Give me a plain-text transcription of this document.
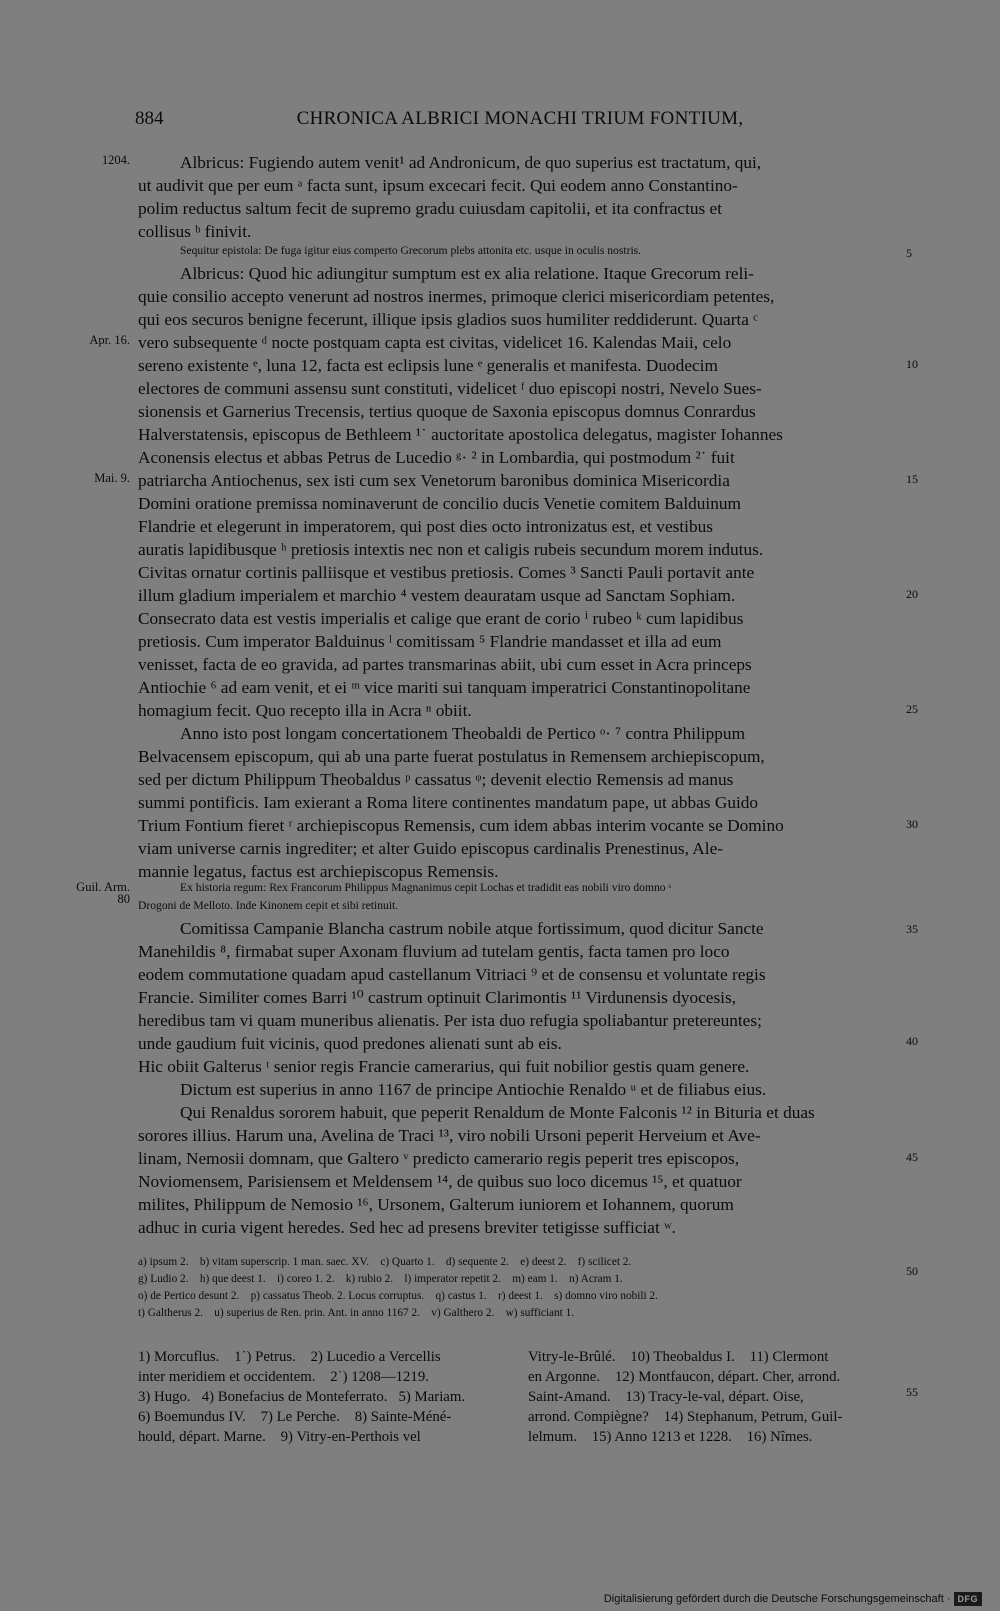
884	CHRONICA ALBRICI MONACHI TRIUM FONTIUM,
Albricus: Fugiendo autem venit¹ ad Andronicum, de quo superius est tractatum, qui,
ut audivit que per eum ᵃ facta sunt, ipsum excecari fecit. Qui eodem anno Constantino-
polim reductus saltum fecit de supremo gradu cuiusdam capitolii, et ita confractus et
collisus ᵇ finivit.
Sequitur epistola: De fuga igitur eius comperto Grecorum plebs attonita etc. usque in oculis nostris.
Albricus: Quod hic adiungitur sumptum est ex alia relatione. Itaque Grecorum reli-
quie consilio accepto venerunt ad nostros inermes, primoque clerici misericordiam petentes,
qui eos securos benigne fecerunt, illique ipsis gladios suos humiliter reddiderunt. Quarta ᶜ
vero subsequente ᵈ nocte postquam capta est civitas, videlicet 16. Kalendas Maii, celo
sereno existente ᵉ, luna 12, facta est eclipsis lune ᵉ generalis et manifesta. Duodecim
electores de communi assensu sunt constituti, videlicet ᶠ duo episcopi nostri, Nevelo Sues-
sionensis et Garnerius Trecensis, tertius quoque de Saxonia episcopus domnus Conrardus
Halverstatensis, episcopus de Bethleem ¹˙ auctoritate apostolica delegatus, magister Iohannes
Aconensis electus et abbas Petrus de Lucedio ᵍ· ² in Lombardia, qui postmodum ²˙ fuit
patriarcha Antiochenus, sex isti cum sex Venetorum baronibus dominica Misericordia
Domini oratione premissa nominaverunt de concilio ducis Venetie comitem Balduinum
Flandrie et elegerunt in imperatorem, qui post dies octo intronizatus est, et vestibus
auratis lapidibusque ʰ pretiosis intextis nec non et caligis rubeis secundum morem indutus.
Civitas ornatur cortinis palliisque et vestibus pretiosis. Comes ³ Sancti Pauli portavit ante
illum gladium imperialem et marchio ⁴ vestem deauratam usque ad Sanctam Sophiam.
Consecrato data est vestis imperialis et calige que erant de corio ⁱ rubeo ᵏ cum lapidibus
pretiosis. Cum imperator Balduinus ˡ comitissam ⁵ Flandrie mandasset et illa ad eum
venisset, facta de eo gravida, ad partes transmarinas abiit, ubi cum esset in Acra princeps
Antiochie ⁶ ad eam venit, et ei ᵐ vice mariti sui tanquam imperatrici Constantinopolitane
homagium fecit. Quo recepto illa in Acra ⁿ obiit.
Anno isto post longam concertationem Theobaldi de Pertico ᵒ· ⁷ contra Philippum
Belvacensem episcopum, qui ab una parte fuerat postulatus in Remensem archiepiscopum,
sed per dictum Philippum Theobaldus ᵖ cassatus ᵠ; devenit electio Remensis ad manus
summi pontificis. Iam exierant a Roma litere continentes mandatum pape, ut abbas Guido
Trium Fontium fieret ʳ archiepiscopus Remensis, cum idem abbas interim vocante se Domino
viam universe carnis ingrediter; et alter Guido episcopus cardinalis Prenestinus, Ale-
mannie legatus, factus est archiepiscopus Remensis.
Ex historia regum: Rex Francorum Philippus Magnanimus cepit Lochas et tradidit eas nobili viro domno ˢ
Drogoni de Melloto. Inde Kinonem cepit et sibi retinuit.
Comitissa Campanie Blancha castrum nobile atque fortissimum, quod dicitur Sancte
Manehildis ⁸, firmabat super Axonam fluvium ad tutelam gentis, facta tamen pro loco
eodem commutatione quadam apud castellanum Vitriaci ⁹ et de consensu et voluntate regis
Francie. Similiter comes Barri ¹⁰ castrum optinuit Clarimontis ¹¹ Virdunensis dyocesis,
heredibus tam vi quam muneribus alienatis. Per ista duo refugia spoliabantur pretereuntes;
unde gaudium fuit vicinis, quod predones alienati sunt ab eis.
Hic obiit Galterus ᵗ senior regis Francie camerarius, qui fuit nobilior gestis quam genere.
Dictum est superius in anno 1167 de principe Antiochie Renaldo ᵘ et de filiabus eius.
Qui Renaldus sororem habuit, que peperit Renaldum de Monte Falconis ¹² in Bituria et duas
sorores illius. Harum una, Avelina de Traci ¹³, viro nobili Ursoni peperit Herveium et Ave-
linam, Nemosii domnam, que Galtero ᵛ predicto camerario regis peperit tres episcopos,
Noviomensem, Parisiensem et Meldensem ¹⁴, de quibus suo loco dicemus ¹⁵, et quatuor
milites, Philippum de Nemosio ¹⁶, Ursonem, Galterum iuniorem et Iohannem, quorum
adhuc in curia vigent heredes. Sed hec ad presens breviter tetigisse sufficiat ʷ.
1204.
Apr. 16.
Mai. 9.
Guil. Arm.
80
5
10
15
20
25
30
35
40
45
50
55
a) ipsum 2.    b) vitam superscrip. 1 man. saec. XV.    c) Quarto 1.    d) sequente 2.    e) deest 2.    f) scilicet 2.
g) Ludio 2.    h) que deest 1.    i) coreo 1. 2.    k) rubio 2.    l) imperator repetit 2.    m) eam 1.    n) Acram 1.
o) de Pertico desunt 2.    p) cassatus Theob. 2. Locus corruptus.    q) castus 1.    r) deest 1.    s) domno viro nobili 2.
t) Galtherus 2.    u) superius de Ren. prin. Ant. in anno 1167 2.    v) Galthero 2.    w) sufficiant 1.
1) Morcuflus.    1˙) Petrus.    2) Lucedio a Vercellis
inter meridiem et occidentem.    2˙) 1208—1219.
3) Hugo.   4) Bonefacius de Monteferrato.   5) Mariam.
6) Boemundus IV.    7) Le Perche.    8) Sainte-Méné-
hould, départ. Marne.    9) Vitry-en-Perthois vel
Vitry-le-Brûlé.    10) Theobaldus I.    11) Clermont
en Argonne.    12) Montfaucon, départ. Cher, arrond.
Saint-Amand.    13) Tracy-le-val, départ. Oise,
arrond. Compiègne?    14) Stephanum, Petrum, Guil-
lelmum.    15) Anno 1213 et 1228.    16) Nîmes.
Digitalisierung gefördert durch die Deutsche Forschungsgemeinschaft · DFG
